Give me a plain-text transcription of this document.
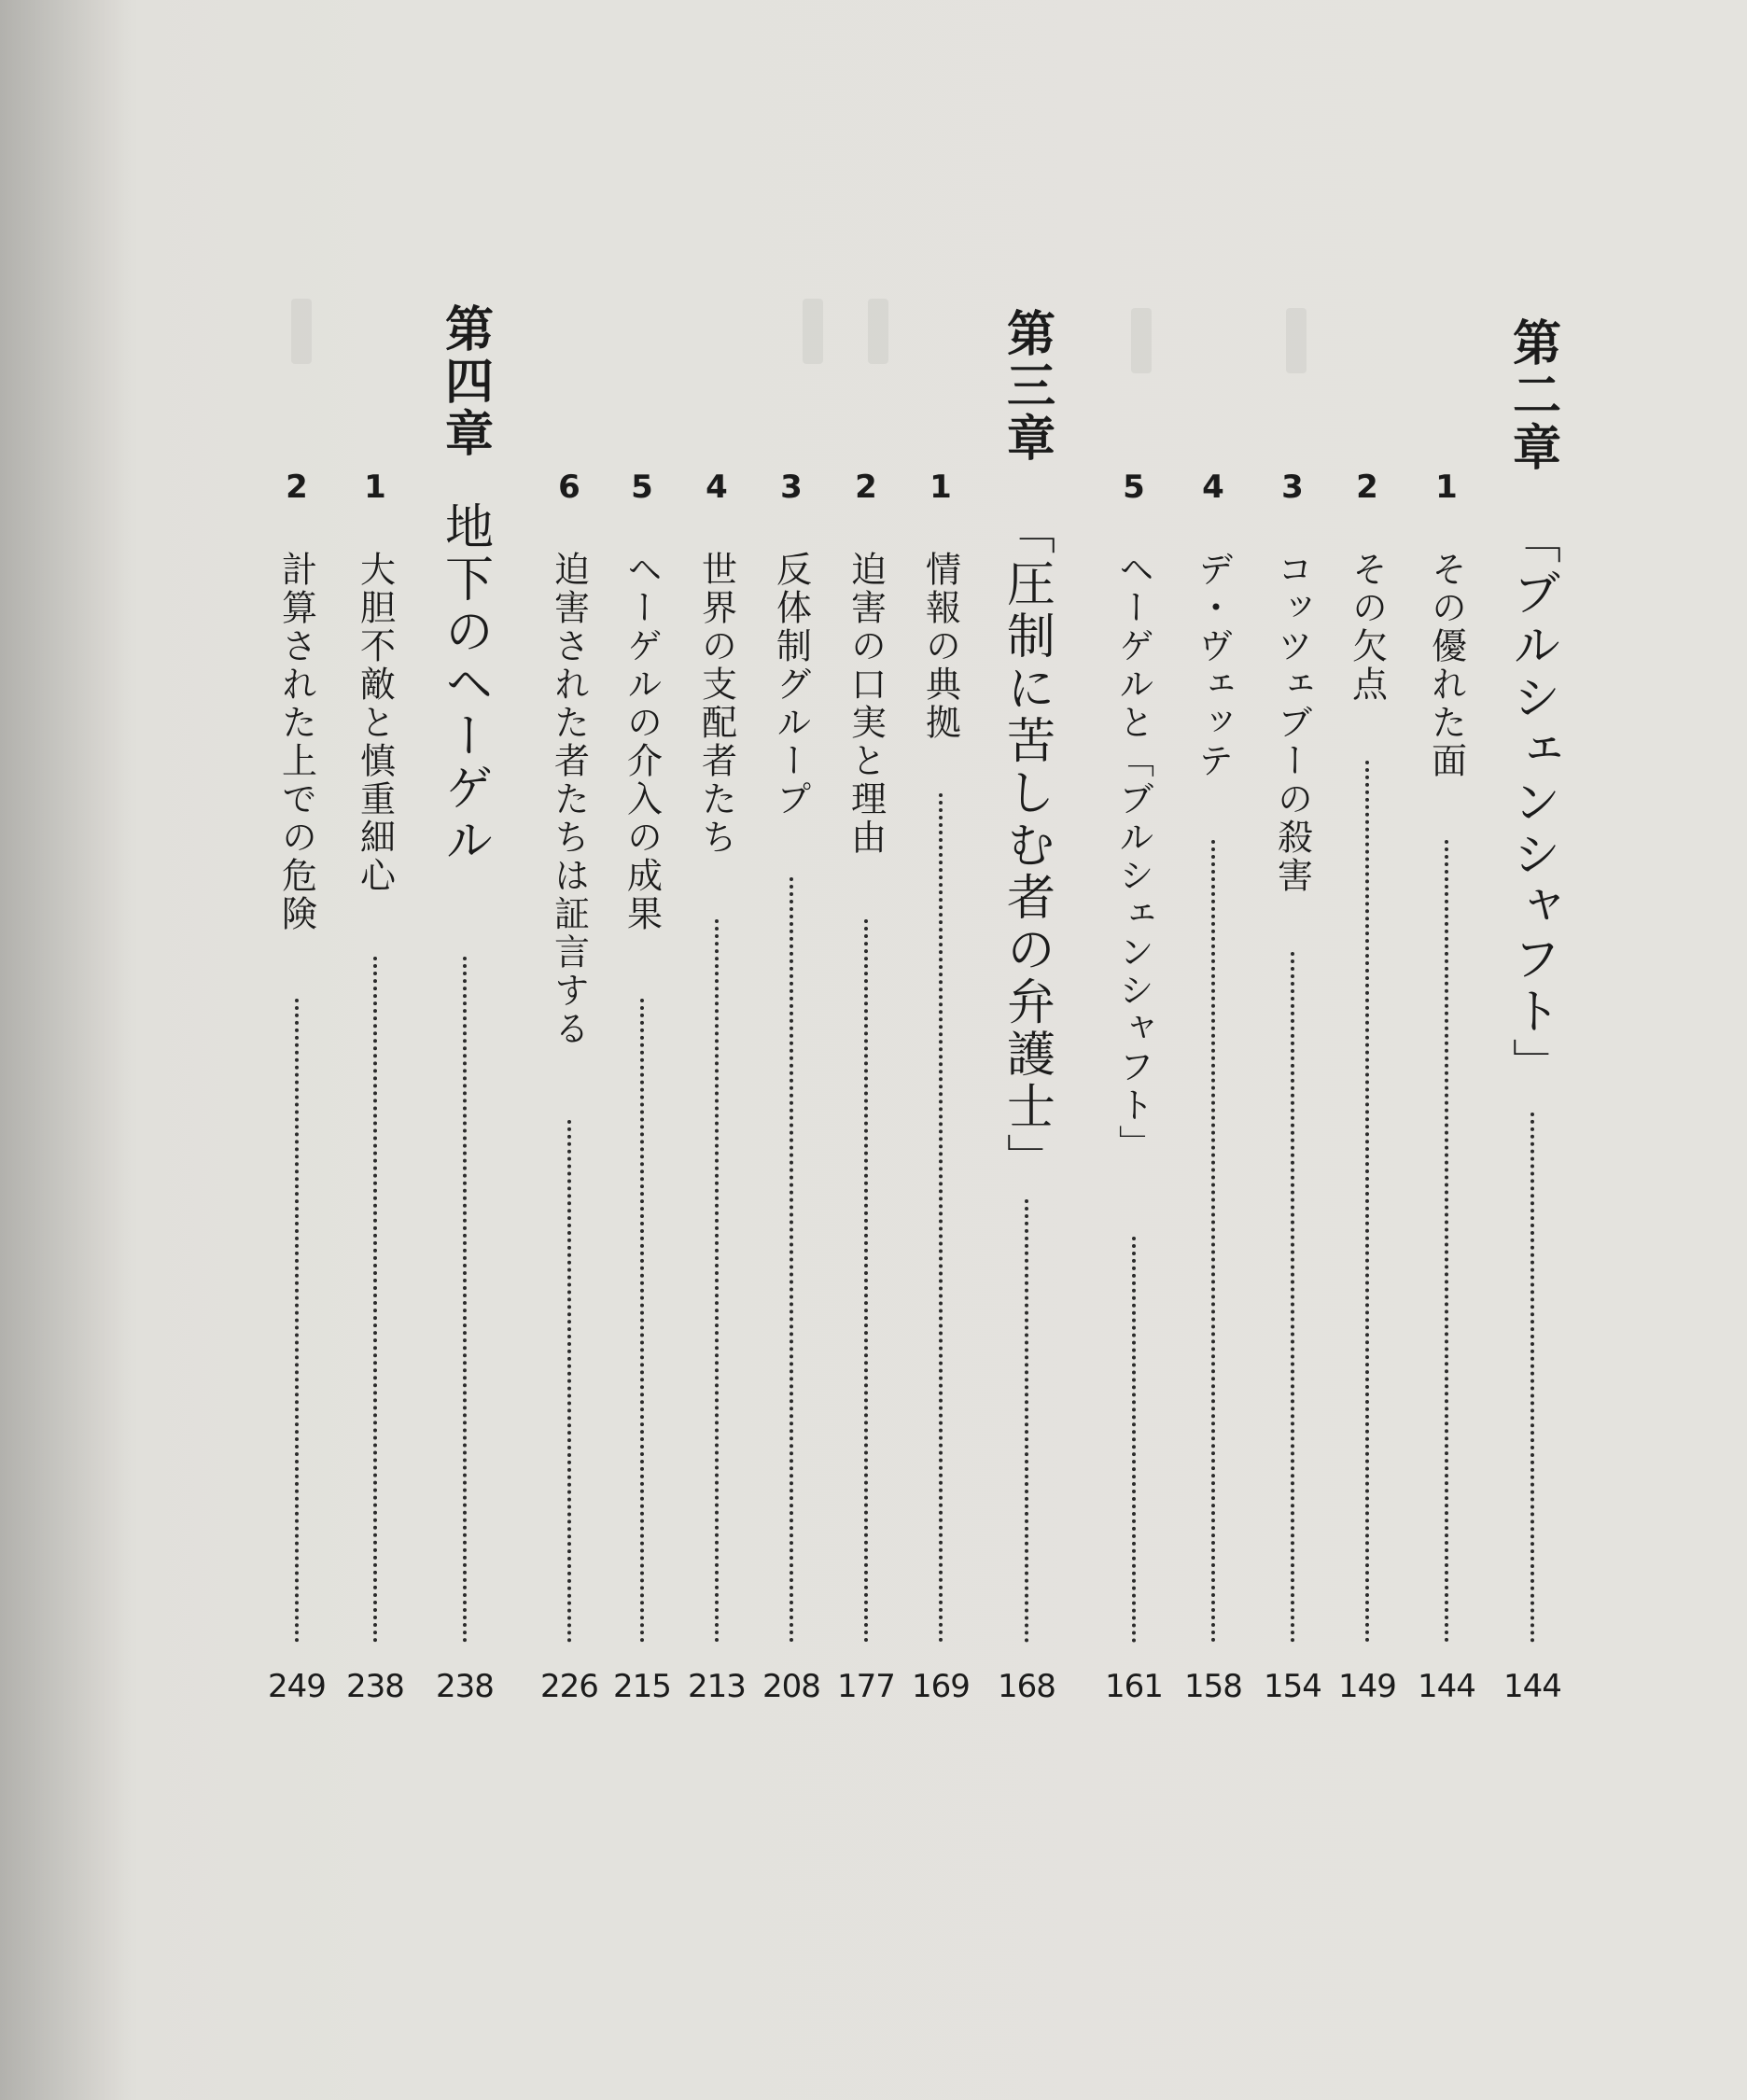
第二章
「ブルシェンシャフト」
144
1
その優れた面
144
2
その欠点
149
3
コッツェブーの殺害
154
4
デ・ヴェッテ
158
5
ヘーゲルと「ブルシェンシャフト」
161
第三章
「圧制に苦しむ者の弁護士」
168
1
情報の典拠
169
2
迫害の口実と理由
177
3
反体制グループ
208
4
世界の支配者たち
213
5
ヘーゲルの介入の成果
215
6
迫害された者たちは証言する
226
第四章
地下のヘーゲル
238
1
大胆不敵と慎重細心
238
2
計算された上での危険
249
